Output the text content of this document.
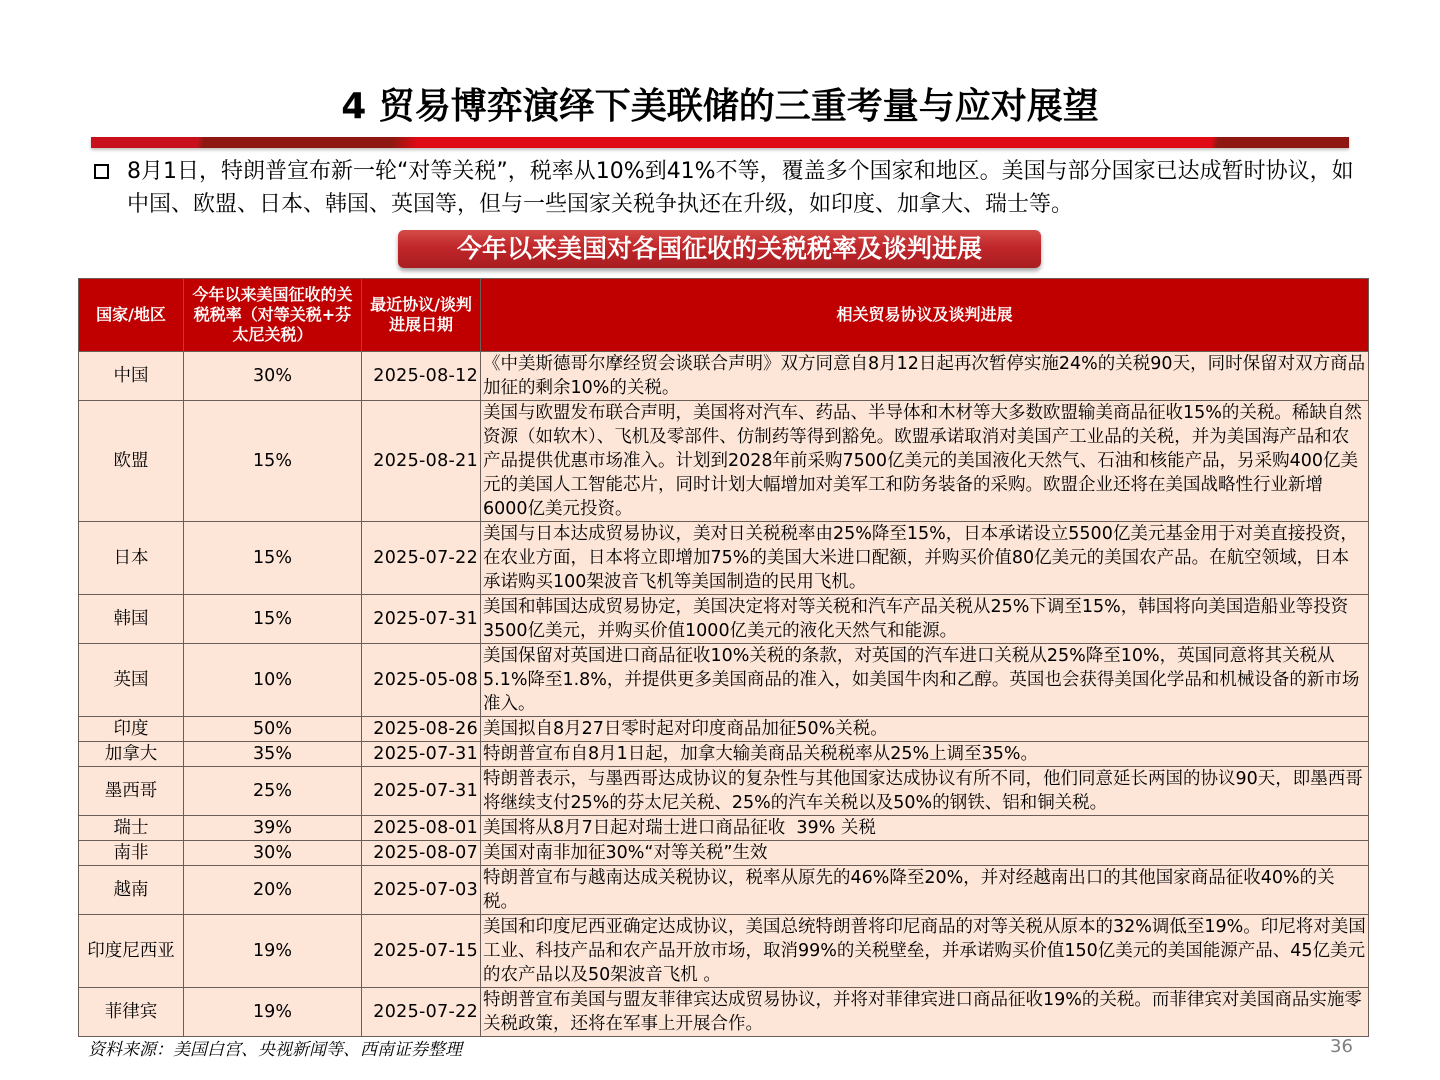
4 贸易博弈演绎下美联储的三重考量与应对展望
8月1日，特朗普宣布新一轮“对等关税”，税率从10%到41%不等，覆盖多个国家和地区。美国与部分国家已达成暂时协议，如中国、欧盟、日本、韩国、英国等，但与一些国家关税争执还在升级，如印度、加拿大、瑞士等。
今年以来美国对各国征收的关税税率及谈判进展
国家/地区	今年以来美国征收的关税税率（对等关税+芬太尼关税）	最近协议/谈判进展日期	相关贸易协议及谈判进展
中国	30%	2025-08-12	《中美斯德哥尔摩经贸会谈联合声明》双方同意自8月12日起再次暂停实施24%的关税90天，同时保留对双方商品加征的剩余10%的关税。
欧盟	15%	2025-08-21	美国与欧盟发布联合声明，美国将对汽车、药品、半导体和木材等大多数欧盟输美商品征收15%的关税。稀缺自然资源（如软木）、飞机及零部件、仿制药等得到豁免。欧盟承诺取消对美国产工业品的关税，并为美国海产品和农产品提供优惠市场准入。计划到2028年前采购7500亿美元的美国液化天然气、石油和核能产品，另采购400亿美元的美国人工智能芯片，同时计划大幅增加对美军工和防务装备的采购。欧盟企业还将在美国战略性行业新增6000亿美元投资。
日本	15%	2025-07-22	美国与日本达成贸易协议，美对日关税税率由25%降至15%，日本承诺设立5500亿美元基金用于对美直接投资，在农业方面，日本将立即增加75%的美国大米进口配额，并购买价值80亿美元的美国农产品。在航空领域，日本承诺购买100架波音飞机等美国制造的民用飞机。
韩国	15%	2025-07-31	美国和韩国达成贸易协定，美国决定将对等关税和汽车产品关税从25%下调至15%，韩国将向美国造船业等投资3500亿美元，并购买价值1000亿美元的液化天然气和能源。
英国	10%	2025-05-08	美国保留对英国进口商品征收10%关税的条款，对英国的汽车进口关税从25%降至10%，英国同意将其关税从5.1%降至1.8%，并提供更多美国商品的准入，如美国牛肉和乙醇。英国也会获得美国化学品和机械设备的新市场准入。
印度	50%	2025-08-26	美国拟自8月27日零时起对印度商品加征50%关税。
加拿大	35%	2025-07-31	特朗普宣布自8月1日起，加拿大输美商品关税税率从25%上调至35%。
墨西哥	25%	2025-07-31	特朗普表示，与墨西哥达成协议的复杂性与其他国家达成协议有所不同，他们同意延长两国的协议90天，即墨西哥将继续支付25%的芬太尼关税、25%的汽车关税以及50%的钢铁、铝和铜关税。
瑞士	39%	2025-08-01	美国将从8月7日起对瑞士进口商品征收  39% 关税
南非	30%	2025-08-07	美国对南非加征30%“对等关税”生效
越南	20%	2025-07-03	特朗普宣布与越南达成关税协议，税率从原先的46%降至20%，并对经越南出口的其他国家商品征收40%的关税。
印度尼西亚	19%	2025-07-15	美国和印度尼西亚确定达成协议，美国总统特朗普将印尼商品的对等关税从原本的32%调低至19%。印尼将对美国工业、科技产品和农产品开放市场，取消99%的关税壁垒，并承诺购买价值150亿美元的美国能源产品、45亿美元的农产品以及50架波音飞机 。
菲律宾	19%	2025-07-22	特朗普宣布美国与盟友菲律宾达成贸易协议，并将对菲律宾进口商品征收19%的关税。而菲律宾对美国商品实施零关税政策，还将在军事上开展合作。
资料来源：美国白宫、央视新闻等、西南证券整理	36
